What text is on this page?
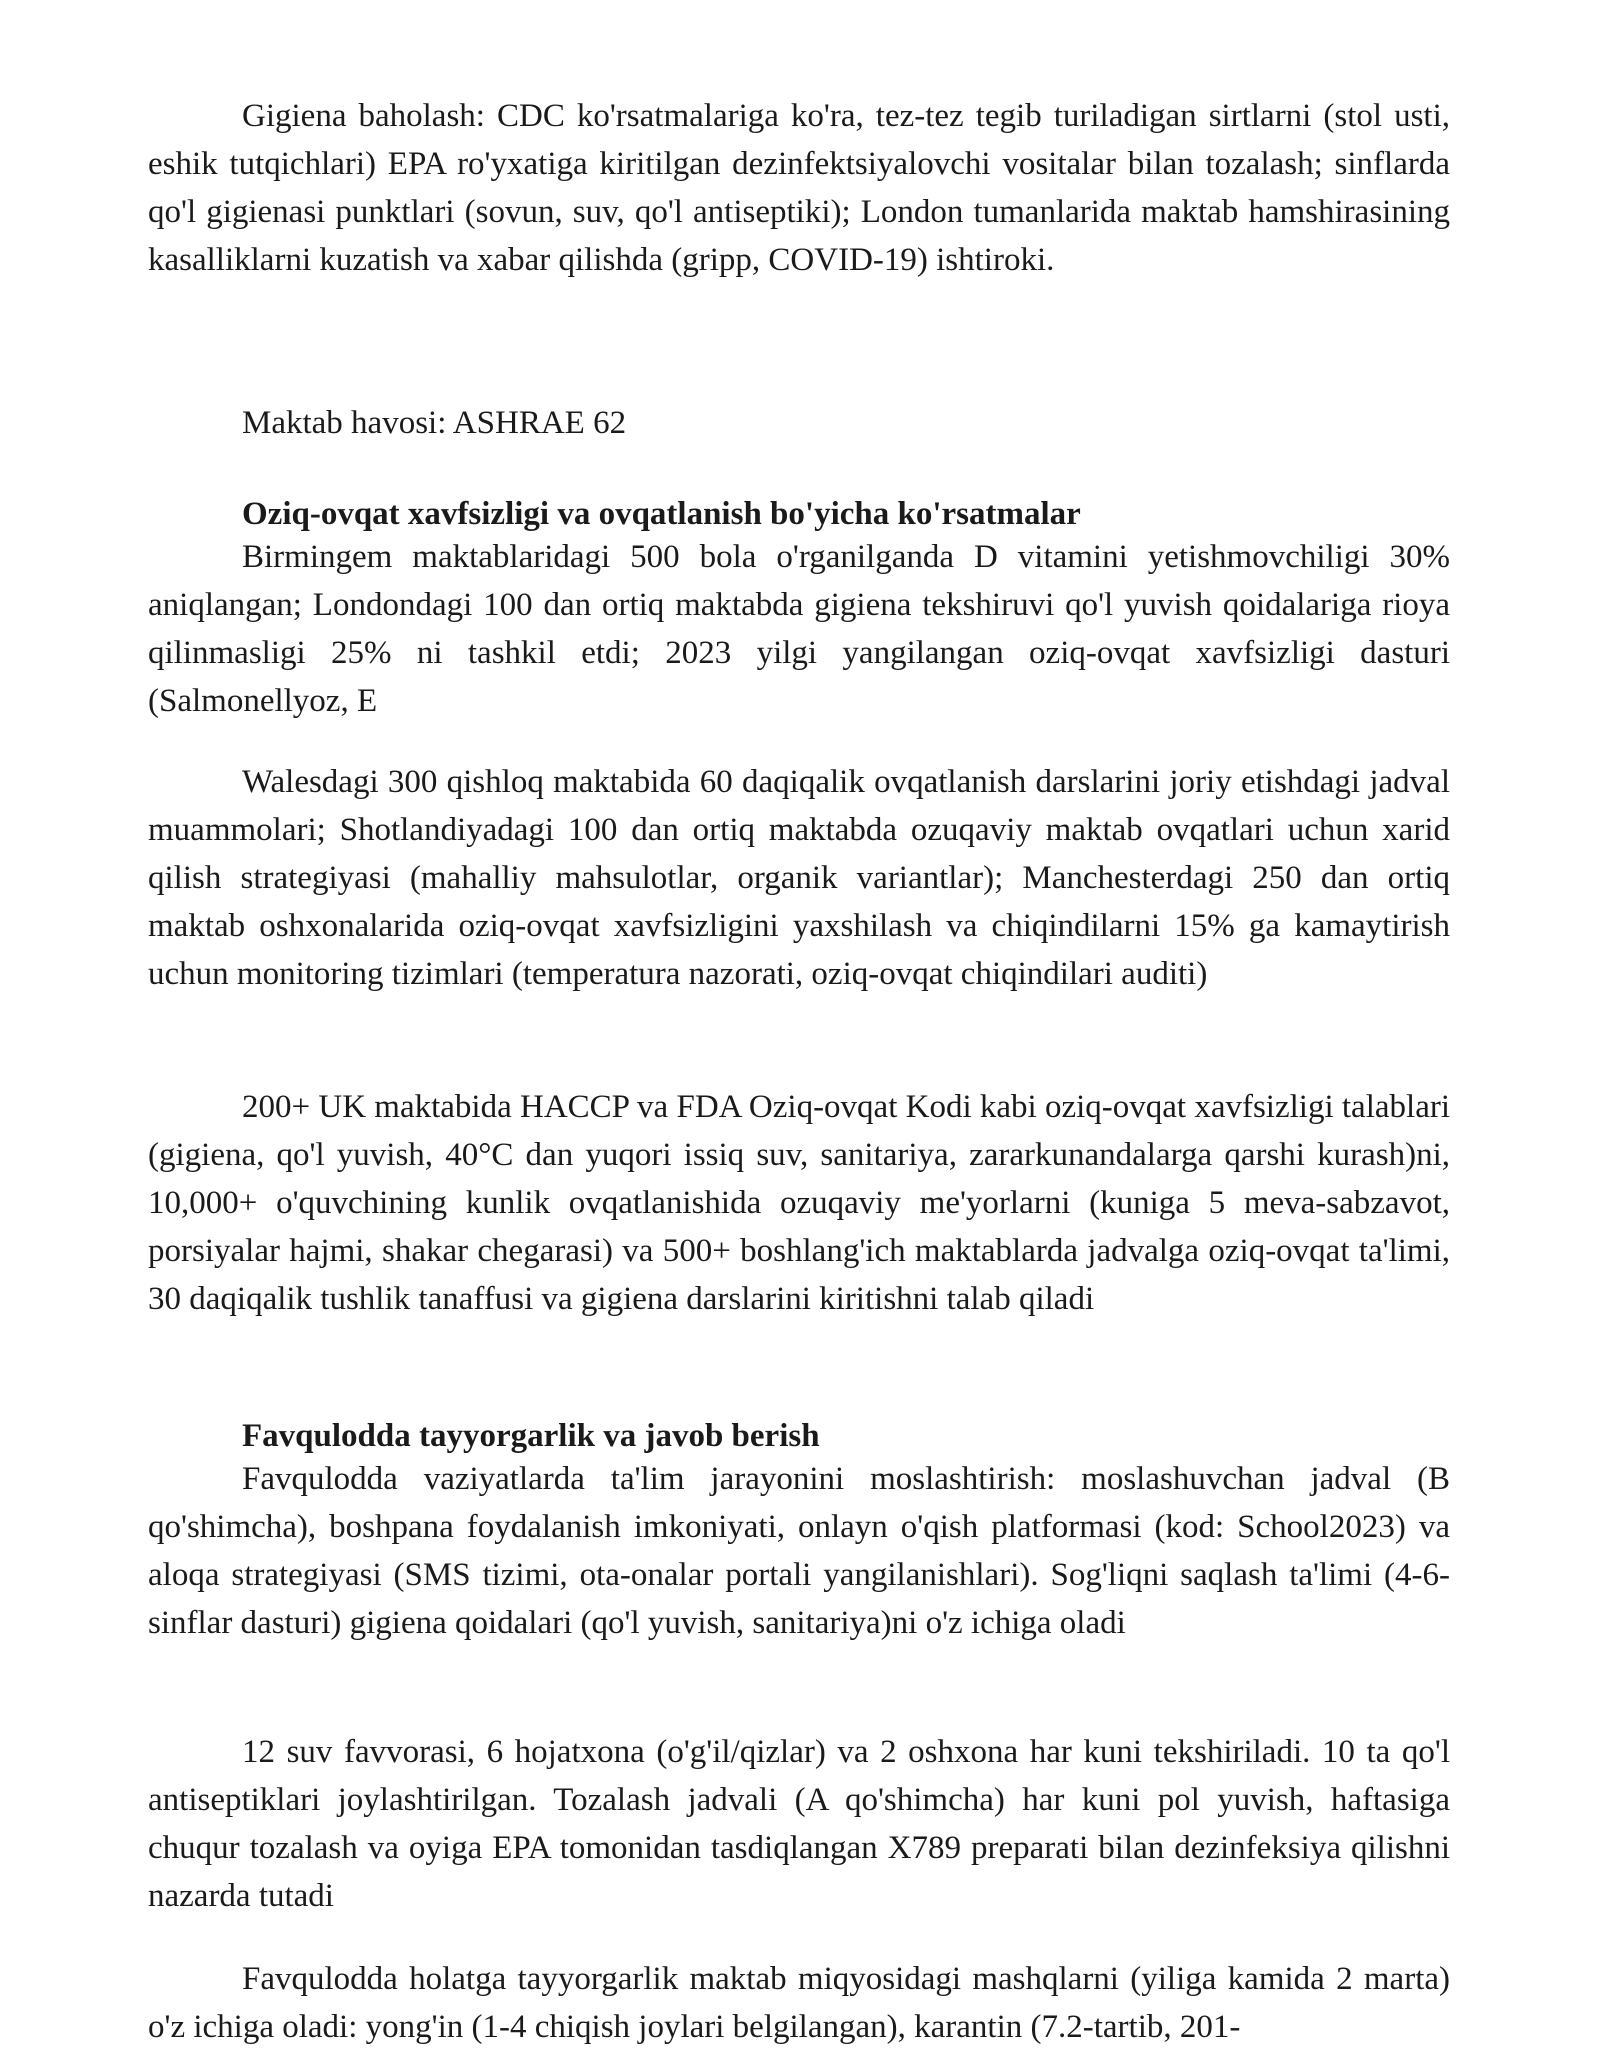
Gigiena baholash: CDC ko'rsatmalariga ko'ra, tez-tez tegib turiladigan sirtlarni (stol usti, eshik tutqichlari) EPA ro'yxatiga kiritilgan dezinfektsiyalovchi vositalar bilan tozalash; sinflarda qo'l gigienasi punktlari (sovun, suv, qo'l antiseptiki); London tumanlarida maktab hamshirasining kasalliklarni kuzatish va xabar qilishda (gripp, COVID-19) ishtiroki.

Maktab havosi: ASHRAE 62

Oziq-ovqat xavfsizligi va ovqatlanish bo'yicha ko'rsatmalar

Birmingem maktablaridagi 500 bola o'rganilganda D vitamini yetishmovchiligi 30% aniqlangan; Londondagi 100 dan ortiq maktabda gigiena tekshiruvi qo'l yuvish qoidalariga rioya qilinmasligi 25% ni tashkil etdi; 2023 yilgi yangilangan oziq-ovqat xavfsizligi dasturi (Salmonellyoz, E

Walesdagi 300 qishloq maktabida 60 daqiqalik ovqatlanish darslarini joriy etishdagi jadval muammolari; Shotlandiyadagi 100 dan ortiq maktabda ozuqaviy maktab ovqatlari uchun xarid qilish strategiyasi (mahalliy mahsulotlar, organik variantlar); Manchesterdagi 250 dan ortiq maktab oshxonalarida oziq-ovqat xavfsizligini yaxshilash va chiqindilarni 15% ga kamaytirish uchun monitoring tizimlari (temperatura nazorati, oziq-ovqat chiqindilari auditi)

200+ UK maktabida HACCP va FDA Oziq-ovqat Kodi kabi oziq-ovqat xavfsizligi talablari (gigiena, qo'l yuvish, 40°C dan yuqori issiq suv, sanitariya, zararkunandalarga qarshi kurash)ni, 10,000+ o'quvchining kunlik ovqatlanishida ozuqaviy me'yorlarni (kuniga 5 meva-sabzavot, porsiyalar hajmi, shakar chegarasi) va 500+ boshlang'ich maktablarda jadvalga oziq-ovqat ta'limi, 30 daqiqalik tushlik tanaffusi va gigiena darslarini kiritishni talab qiladi

Favqulodda tayyorgarlik va javob berish

Favqulodda vaziyatlarda ta'lim jarayonini moslashtirish: moslashuvchan jadval (B qo'shimcha), boshpana foydalanish imkoniyati, onlayn o'qish platformasi (kod: School2023) va aloqa strategiyasi (SMS tizimi, ota-onalar portali yangilanishlari). Sog'liqni saqlash ta'limi (4-6-sinflar dasturi) gigiena qoidalari (qo'l yuvish, sanitariya)ni o'z ichiga oladi

12 suv favvorasi, 6 hojatxona (o'g'il/qizlar) va 2 oshxona har kuni tekshiriladi. 10 ta qo'l antiseptiklari joylashtirilgan. Tozalash jadvali (A qo'shimcha) har kuni pol yuvish, haftasiga chuqur tozalash va oyiga EPA tomonidan tasdiqlangan X789 preparati bilan dezinfeksiya qilishni nazarda tutadi

Favqulodda holatga tayyorgarlik maktab miqyosidagi mashqlarni (yiliga kamida 2 marta) o'z ichiga oladi: yong'in (1-4 chiqish joylari belgilangan), karantin (7.2-tartib, 201-
